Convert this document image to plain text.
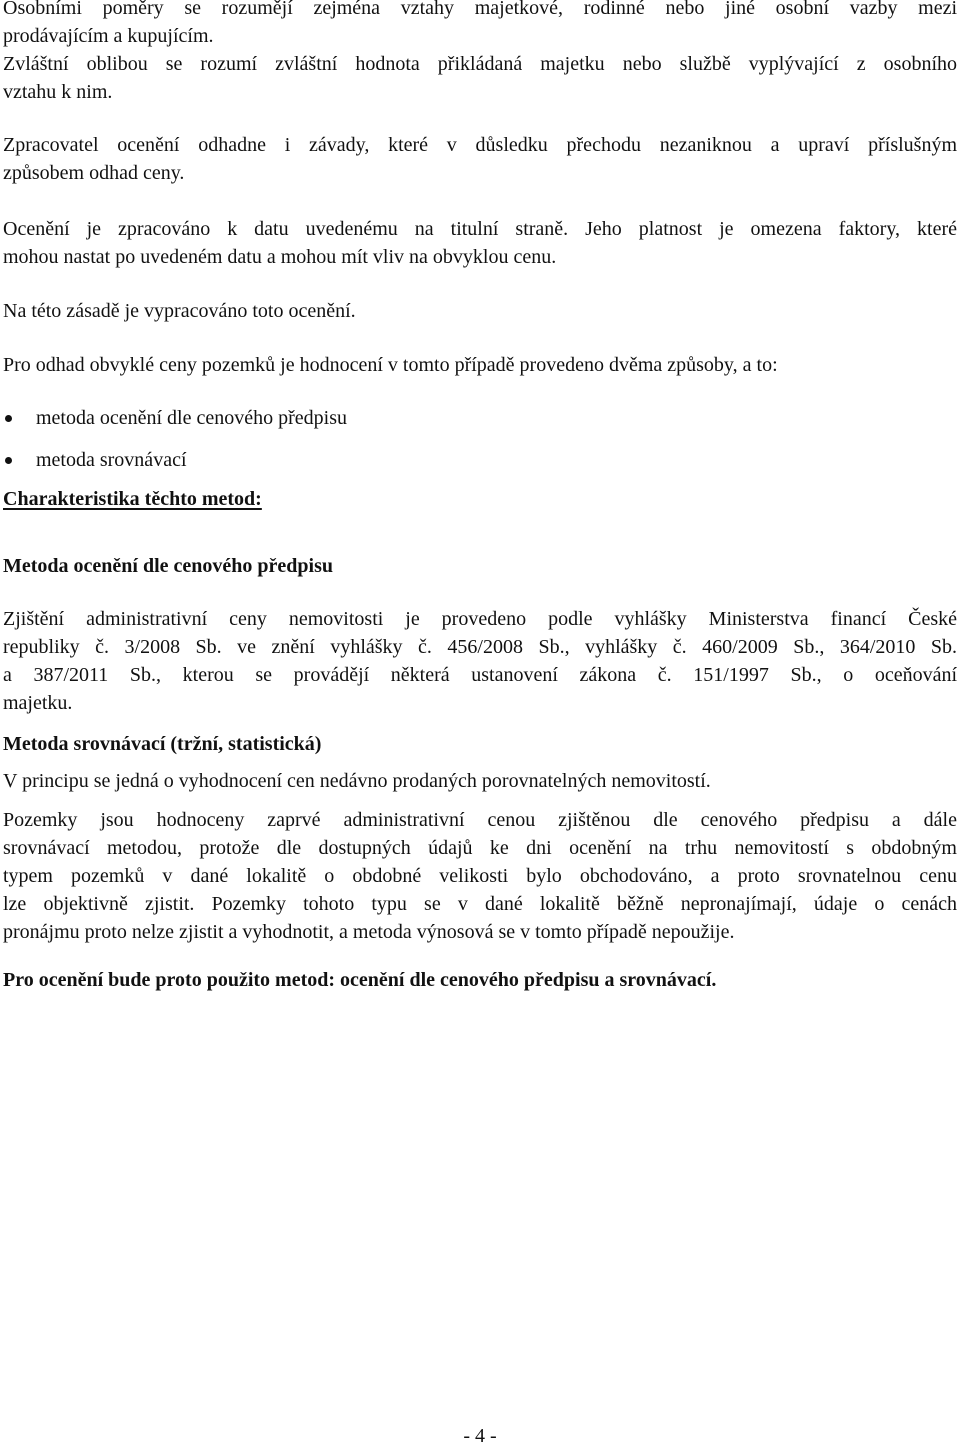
Osobními poměry se rozumějí zejména vztahy majetkové, rodinné nebo jiné osobní vazby mezi
prodávajícím a kupujícím.

Zvláštní oblibou se rozumí zvláštní hodnota přikládaná majetku nebo službě vyplývající z osobního
vztahu k nim.

Zpracovatel ocenění odhadne i závady, které v důsledku přechodu nezaniknou a upraví příslušným
způsobem odhad ceny.

Ocenění je zpracováno k datu uvedenému na titulní straně. Jeho platnost je omezena faktory, které
mohou nastat po uvedeném datu a mohou mít vliv na obvyklou cenu.

Na této zásadě je vypracováno toto ocenění.

Pro odhad obvyklé ceny pozemků je hodnocení v tomto případě provedeno dvěma způsoby, a to:

metoda ocenění dle cenového předpisu
metoda srovnávací
Charakteristika těchto metod:
Metoda ocenění dle cenového předpisu

Zjištění administrativní ceny nemovitosti je provedeno podle vyhlášky Ministerstva financí České
republiky č. 3/2008 Sb. ve znění vyhlášky č. 456/2008 Sb., vyhlášky č. 460/2009 Sb., 364/2010 Sb.
a 387/2011 Sb., kterou se provádějí některá ustanovení zákona č. 151/1997 Sb., o oceňování
majetku.

Metoda srovnávací (tržní, statistická)

V principu se jedná o vyhodnocení cen nedávno prodaných porovnatelných nemovitostí.

Pozemky jsou hodnoceny zaprvé administrativní cenou zjištěnou dle cenového předpisu a dále
srovnávací metodou, protože dle dostupných údajů ke dni ocenění na trhu nemovitostí s obdobným
typem pozemků v dané lokalitě o obdobné velikosti bylo obchodováno, a proto srovnatelnou cenu
lze objektivně zjistit. Pozemky tohoto typu se v dané lokalitě běžně nepronajímají, údaje o cenách
pronájmu proto nelze zjistit a vyhodnotit, a metoda výnosová se v tomto případě nepoužije.

Pro ocenění bude proto použito metod: ocenění dle cenového předpisu a srovnávací.
- 4 -
